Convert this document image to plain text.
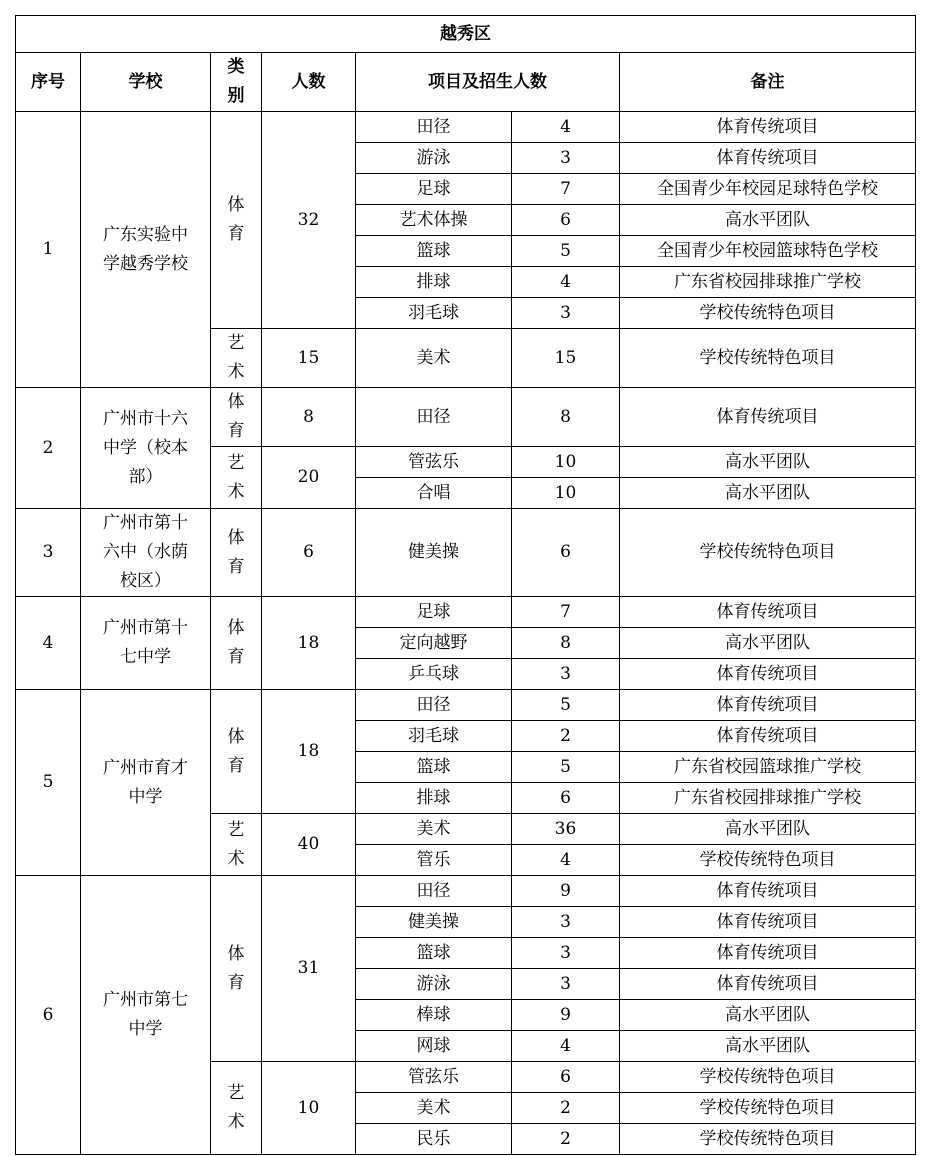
越秀区						
序号	学校	类别	人数	项目及招生人数		备注
1	广东实验中学越秀学校	体育	32	田径	4	体育传统项目
				游泳	3	体育传统项目
				足球	7	全国青少年校园足球特色学校
				艺术体操	6	高水平团队
				篮球	5	全国青少年校园篮球特色学校
				排球	4	广东省校园排球推广学校
				羽毛球	3	学校传统特色项目
		艺术	15	美术	15	学校传统特色项目
2	广州市十六中学（校本部）	体育	8	田径	8	体育传统项目
		艺术	20	管弦乐	10	高水平团队
				合唱	10	高水平团队
3	广州市第十六中（水荫校区）	体育	6	健美操	6	学校传统特色项目
4	广州市第十七中学	体育	18	足球	7	体育传统项目
				定向越野	8	高水平团队
				乒乓球	3	体育传统项目
5	广州市育才中学	体育	18	田径	5	体育传统项目
				羽毛球	2	体育传统项目
				篮球	5	广东省校园篮球推广学校
				排球	6	广东省校园排球推广学校
		艺术	40	美术	36	高水平团队
				管乐	4	学校传统特色项目
6	广州市第七中学	体育	31	田径	9	体育传统项目
				健美操	3	体育传统项目
				篮球	3	体育传统项目
				游泳	3	体育传统项目
				棒球	9	高水平团队
				网球	4	高水平团队
		艺术	10	管弦乐	6	学校传统特色项目
				美术	2	学校传统特色项目
				民乐	2	学校传统特色项目
